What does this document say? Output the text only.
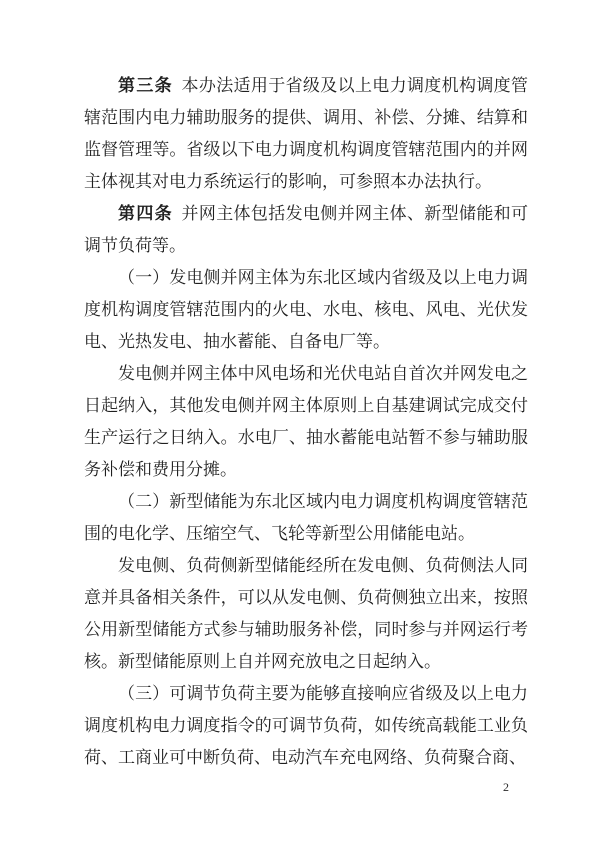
第三条 本办法适用于省级及以上电力调度机构调度管辖范围内电力辅助服务的提供、调用、补偿、分摊、结算和监督管理等。省级以下电力调度机构调度管辖范围内的并网主体视其对电力系统运行的影响，可参照本办法执行。

第四条 并网主体包括发电侧并网主体、新型储能和可调节负荷等。

（一）发电侧并网主体为东北区域内省级及以上电力调度机构调度管辖范围内的火电、水电、核电、风电、光伏发电、光热发电、抽水蓄能、自备电厂等。

发电侧并网主体中风电场和光伏电站自首次并网发电之日起纳入，其他发电侧并网主体原则上自基建调试完成交付生产运行之日纳入。水电厂、抽水蓄能电站暂不参与辅助服务补偿和费用分摊。

（二）新型储能为东北区域内电力调度机构调度管辖范围的电化学、压缩空气、飞轮等新型公用储能电站。

发电侧、负荷侧新型储能经所在发电侧、负荷侧法人同意并具备相关条件，可以从发电侧、负荷侧独立出来，按照公用新型储能方式参与辅助服务补偿，同时参与并网运行考核。新型储能原则上自并网充放电之日起纳入。

（三）可调节负荷主要为能够直接响应省级及以上电力调度机构电力调度指令的可调节负荷，如传统高载能工业负荷、工商业可中断负荷、电动汽车充电网络、负荷聚合商、

2
